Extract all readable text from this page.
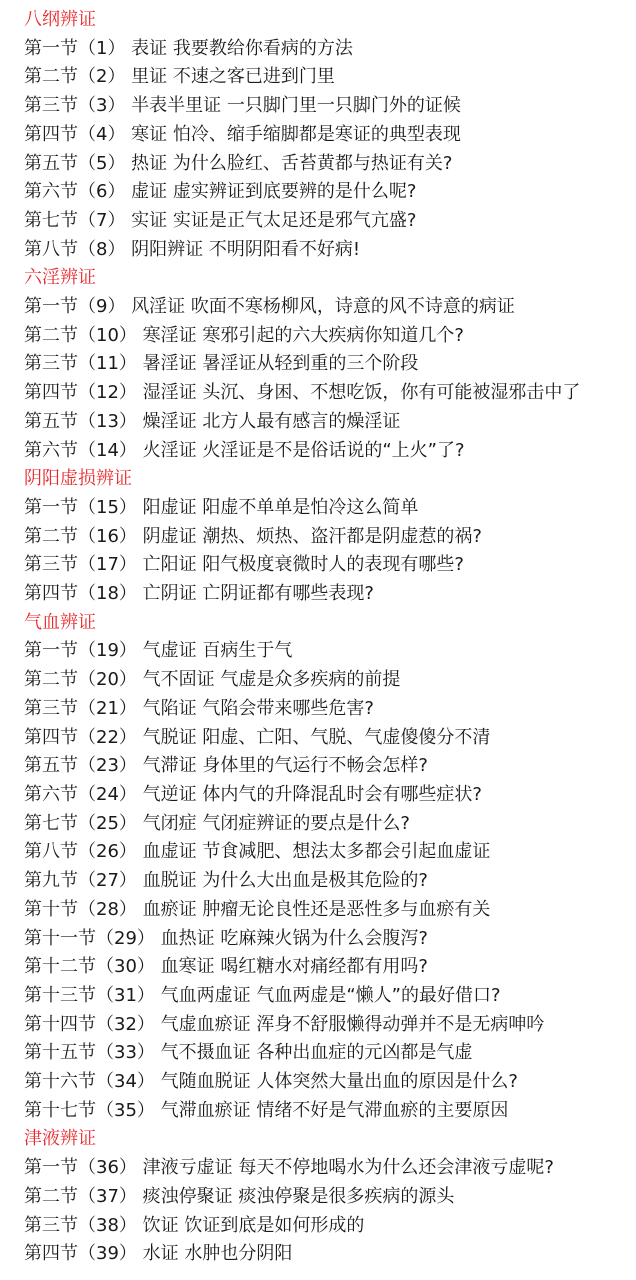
八纲辨证
第一节（1） 表证 我要教给你看病的方法
第二节（2） 里证 不速之客已进到门里
第三节（3） 半表半里证 一只脚门里一只脚门外的证候
第四节（4） 寒证 怕冷、缩手缩脚都是寒证的典型表现
第五节（5） 热证 为什么脸红、舌苔黄都与热证有关?
第六节（6） 虚证 虚实辨证到底要辨的是什么呢?
第七节（7） 实证 实证是正气太足还是邪气亢盛?
第八节（8） 阴阳辨证 不明阴阳看不好病!
六淫辨证
第一节（9） 风淫证 吹面不寒杨柳风，诗意的风不诗意的病证
第二节（10） 寒淫证 寒邪引起的六大疾病你知道几个?
第三节（11） 暑淫证 暑淫证从轻到重的三个阶段
第四节（12） 湿淫证 头沉、身困、不想吃饭，你有可能被湿邪击中了
第五节（13） 燥淫证 北方人最有感言的燥淫证
第六节（14） 火淫证 火淫证是不是俗话说的“上火”了?
阴阳虚损辨证
第一节（15） 阳虚证 阳虚不单单是怕冷这么简单
第二节（16） 阴虚证 潮热、烦热、盗汗都是阴虚惹的祸?
第三节（17） 亡阳证 阳气极度衰微时人的表现有哪些?
第四节（18） 亡阴证 亡阴证都有哪些表现?
气血辨证
第一节（19） 气虚证 百病生于气
第二节（20） 气不固证 气虚是众多疾病的前提
第三节（21） 气陷证 气陷会带来哪些危害?
第四节（22） 气脱证 阳虚、亡阳、气脱、气虚傻傻分不清
第五节（23） 气滞证 身体里的气运行不畅会怎样?
第六节（24） 气逆证 体内气的升降混乱时会有哪些症状?
第七节（25） 气闭症 气闭症辨证的要点是什么?
第八节（26） 血虚证 节食减肥、想法太多都会引起血虚证
第九节（27） 血脱证 为什么大出血是极其危险的?
第十节（28） 血瘀证 肿瘤无论良性还是恶性多与血瘀有关
第十一节（29） 血热证 吃麻辣火锅为什么会腹泻?
第十二节（30） 血寒证 喝红糖水对痛经都有用吗?
第十三节（31） 气血两虚证 气血两虚是“懒人”的最好借口?
第十四节（32） 气虚血瘀证 浑身不舒服懒得动弹并不是无病呻吟
第十五节（33） 气不摄血证 各种出血症的元凶都是气虚
第十六节（34） 气随血脱证 人体突然大量出血的原因是什么?
第十七节（35） 气滞血瘀证 情绪不好是气滞血瘀的主要原因
津液辨证
第一节（36） 津液亏虚证 每天不停地喝水为什么还会津液亏虚呢?
第二节（37） 痰浊停聚证 痰浊停聚是很多疾病的源头
第三节（38） 饮证 饮证到底是如何形成的
第四节（39） 水证 水肿也分阴阳
